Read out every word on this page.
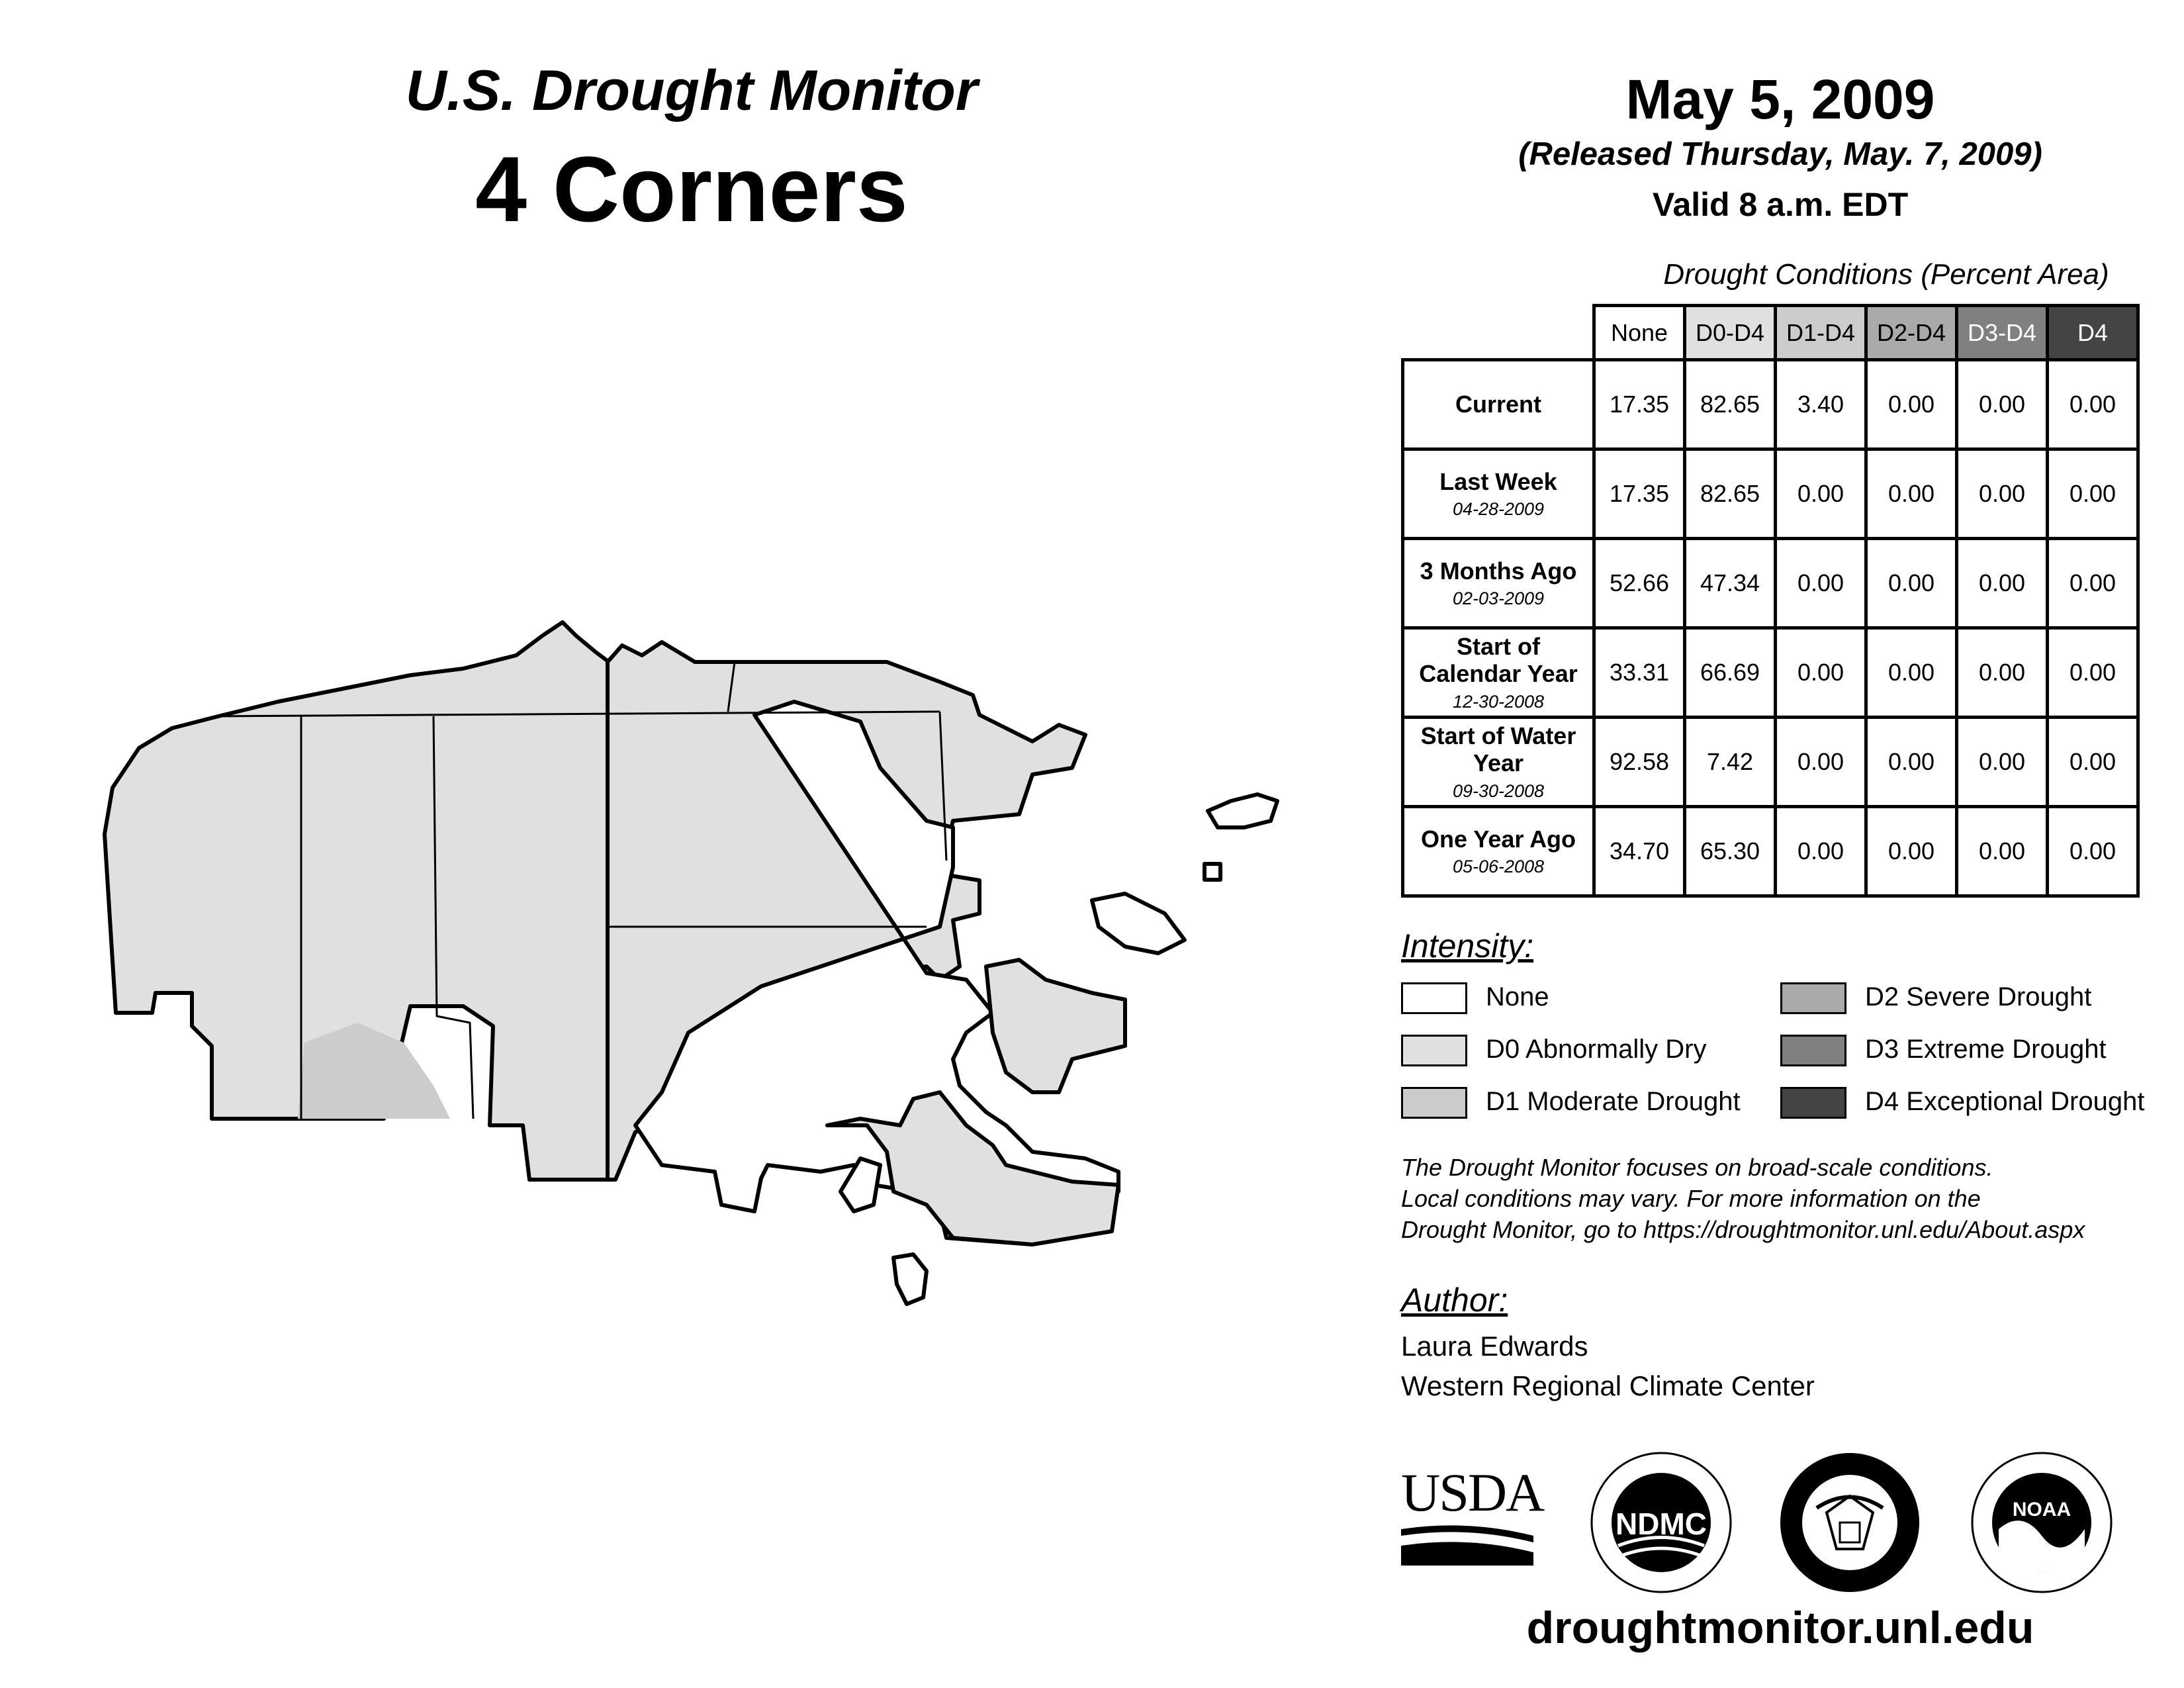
U.S. Drought Monitor
4 Corners
May 5, 2009
(Released Thursday, May. 7, 2009)
Valid 8 a.m. EDT
Drought Conditions (Percent Area)
	None	D0-D4	D1-D4	D2-D4	D3-D4	D4
Current	17.35	82.65	3.40	0.00	0.00	0.00
Last Week
04-28-2009	17.35	82.65	0.00	0.00	0.00	0.00
3 Months Ago
02-03-2009	52.66	47.34	0.00	0.00	0.00	0.00
Start of Calendar Year
12-30-2008	33.31	66.69	0.00	0.00	0.00	0.00
Start of Water Year
09-30-2008	92.58	7.42	0.00	0.00	0.00	0.00
One Year Ago
05-06-2008	34.70	65.30	0.00	0.00	0.00	0.00
Intensity:
None
D0 Abnormally Dry
D1 Moderate Drought
D2 Severe Drought
D3 Extreme Drought
D4 Exceptional Drought
The Drought Monitor focuses on broad-scale conditions.
Local conditions may vary. For more information on the
Drought Monitor, go to https://droughtmonitor.unl.edu/About.aspx
Author:
Laura Edwards
Western Regional Climate Center
USDA
NDMC	NOAA
droughtmonitor.unl.edu
